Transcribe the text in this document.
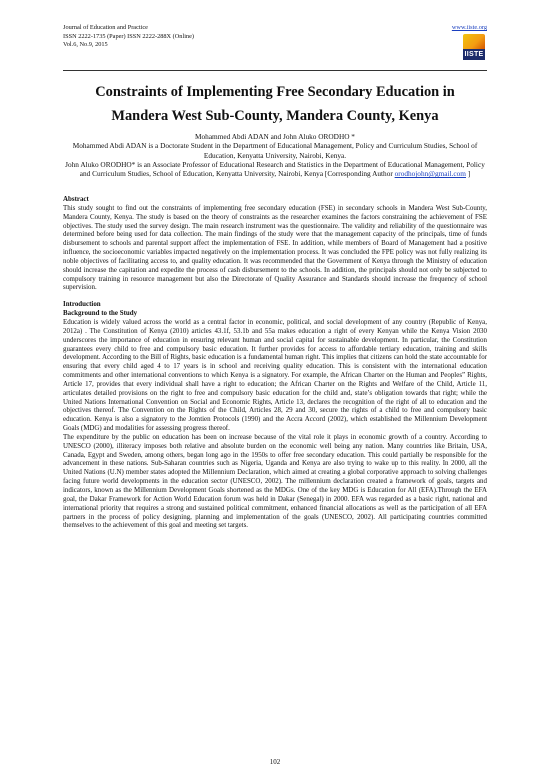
Journal of Education and Practice
ISSN 2222-1735 (Paper) ISSN 2222-288X (Online)
Vol.6, No.9, 2015
www.iiste.org
IISTE
Constraints of Implementing Free Secondary Education in
Mandera West Sub-County, Mandera County, Kenya
Mohammed Abdi ADAN and John Aluko ORODHO *
Mohammed Abdi ADAN is a Doctorate Student in the Department of Educational Management, Policy and Curriculum Studies, School of Education, Kenyatta University, Nairobi, Kenya.
John Aluko ORODHO* is an Associate Professor of Educational Research and Statistics in the Department of Educational Management, Policy and Curriculum Studies, School of Education, Kenyatta University, Nairobi, Kenya [Corresponding Author orodhojohn@gmail.com ]
Abstract

This study sought to find out the constraints of implementing free secondary education (FSE) in secondary schools in Mandera West Sub-County, Mandera County, Kenya. The study is based on the theory of constraints as the researcher examines the factors constraining the achievement of FSE objectives. The study used the survey design. The main research instrument was the questionnaire. The validity and reliability of the questionnaire was determined before being used for data collection. The main findings of the study were that the management capacity of the principals, time of funds disbursement to schools and parental support affect the implementation of FSE. In addition, while members of Board of Management had a positive influence, the socioeconomic variables impacted negatively on the implementation process. It was concluded the FPE policy was not fully realizing its noble objectives of facilitating access to, and quality education. It was recommended that the Government of Kenya through the Ministry of education should increase the capitation and expedite the process of cash disbursement to the schools. In addition, the principals should not only be subjected to compulsory training in resource management but also the Directorate of Quality Assurance and Standards should increase the frequency of school supervision.

Introduction
Background to the Study

Education is widely valued across the world as a central factor in economic, political, and social development of any country (Republic of Kenya, 2012a) . The Constitution of Kenya (2010) articles 43.1f, 53.1b and 55a makes education a right of every Kenyan while the Kenya Vision 2030 underscores the importance of education in ensuring relevant human and social capital for sustainable development. In particular, the Constitution guarantees every child to free and compulsory basic education. It further provides for access to affordable tertiary education, training and skills development. According to the Bill of Rights, basic education is a fundamental human right. This implies that citizens can hold the state accountable for ensuring that every child aged 4 to 17 years is in school and receiving quality education. This is consistent with the international education commitments and other international conventions to which Kenya is a signatory. For example, the African Charter on the Human and Peoples” Rights, Article 17, provides that every individual shall have a right to education; the African Charter on the Rights and Welfare of the Child, Article 11, articulates detailed provisions on the right to free and compulsory basic education for the child and, state’s obligation towards that right; while the United Nations International Convention on Social and Economic Rights, Article 13, declares the recognition of the right of all to education and the objectives thereof. The Convention on the Rights of the Child, Articles 28, 29 and 30, secure the rights of a child to free and compulsory basic education. Kenya is also a signatory to the Jomtien Protocols (1990) and the Accra Accord (2002), which established the Millennium Development Goals (MDG) and modalities for assessing progress thereof.

The expenditure by the public on education has been on increase because of the vital role it plays in economic growth of a country. According to UNESCO (2000), illiteracy imposes both relative and absolute burden on the economic well being any nation. Many countries like Britain, USA, Canada, Egypt and Sweden, among others, began long ago in the 1950s to offer free secondary education. This could partially be responsible for the advancement in these nations. Sub-Saharan countries such as Nigeria, Uganda and Kenya are also trying to wake up to this reality. In 2000, all the United Nations (U.N) member states adopted the Millennium Declaration, which aimed at creating a global corporative approach to solving challenges facing future world developments in the education sector (UNESCO, 2002). The millennium declaration created a framework of goals, targets and indicators, known as the Millennium Development Goals shortened as the MDGs. One of the key MDG is Education for All (EFA).Through the EFA goal, the Dakar Framework for Action World Education forum was held in Dakar (Senegal) in 2000. EFA was regarded as a basic right, national and international priority that requires a strong and sustained political commitment, enhanced financial allocations as well as the participation of all EFA partners in the process of policy designing, planning and implementation of the goals (UNESCO, 2002). All participating countries committed themselves to the achievement of this goal and meeting set targets.

102
